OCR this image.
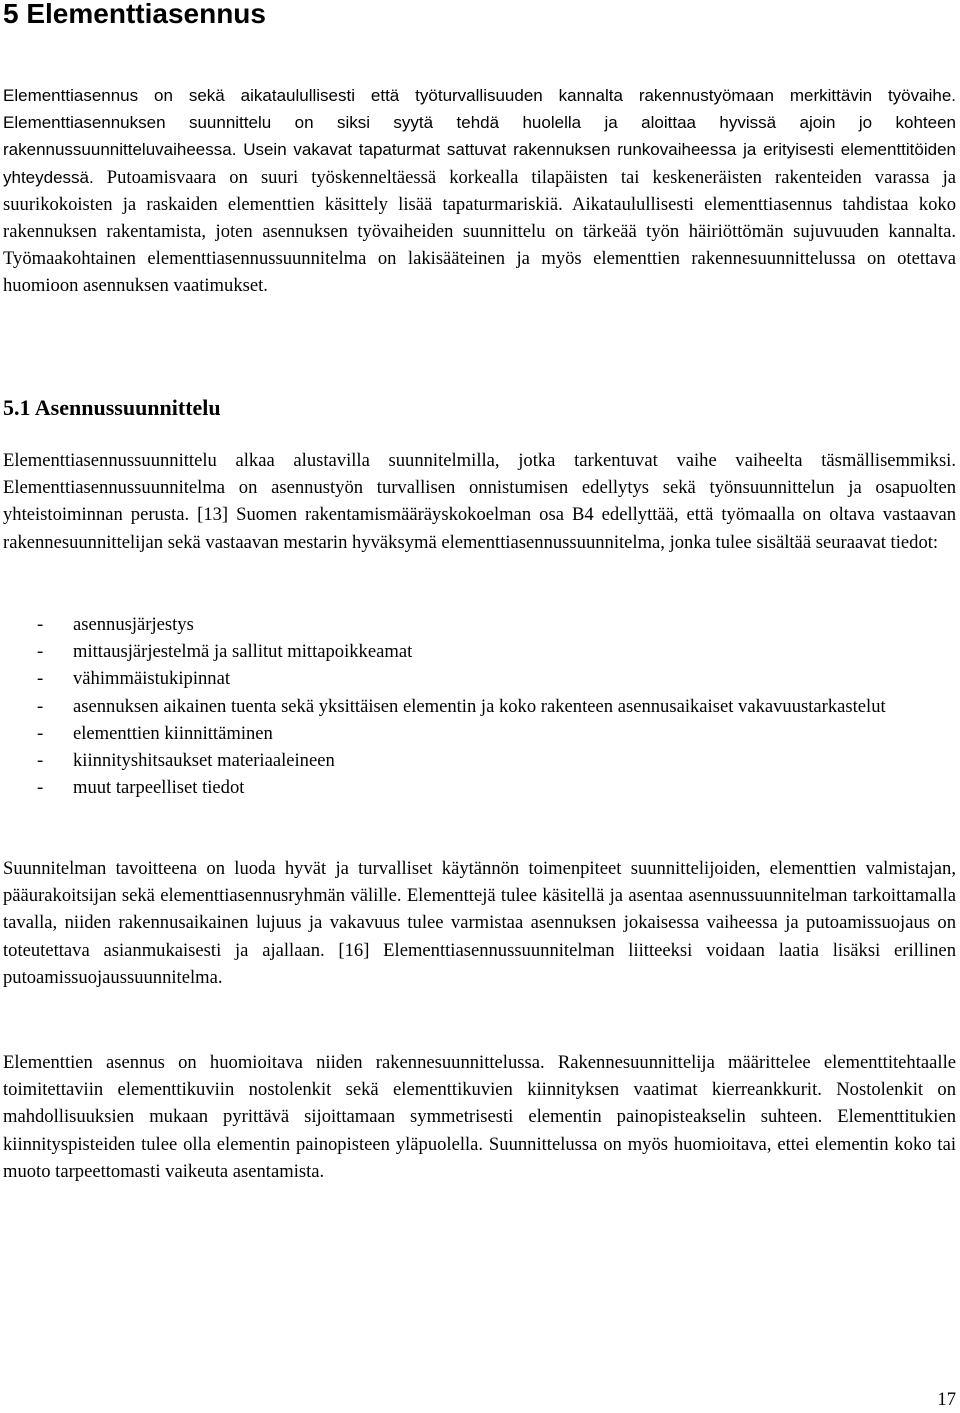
5 Elementtiasennus

Elementtiasennus on sekä aikataulullisesti että työturvallisuuden kannalta rakennustyömaan merkittävin työvaihe. Elementtiasennuksen suunnittelu on siksi syytä tehdä huolella ja aloittaa hyvissä ajoin jo kohteen rakennussuunnitteluvaiheessa. Usein vakavat tapaturmat sattuvat rakennuksen runkovaiheessa ja erityisesti elementtitöiden yhteydessä. Putoamisvaara on suuri työskenneltäessä korkealla tilapäisten tai keskeneräisten rakenteiden varassa ja suurikokoisten ja raskaiden elementtien käsittely lisää tapaturmariskiä. Aikataulullisesti elementtiasennus tahdistaa koko rakennuksen rakentamista, joten asennuksen työvaiheiden suunnittelu on tärkeää työn häiriöttömän sujuvuuden kannalta. Työmaakohtainen elementtiasennussuunnitelma on lakisääteinen ja myös elementtien rakennesuunnittelussa on otettava huomioon asennuksen vaatimukset.

5.1 Asennussuunnittelu

Elementtiasennussuunnittelu alkaa alustavilla suunnitelmilla, jotka tarkentuvat vaihe vaiheelta täsmällisemmiksi. Elementtiasennussuunnitelma on asennustyön turvallisen onnistumisen edellytys sekä työnsuunnittelun ja osapuolten yhteistoiminnan perusta. [13] Suomen rakentamismääräyskokoelman osa B4 edellyttää, että työmaalla on oltava vastaavan rakennesuunnittelijan sekä vastaavan mestarin hyväksymä elementtiasennussuunnitelma, jonka tulee sisältää seuraavat tiedot:

- asennusjärjestys
- mittausjärjestelmä ja sallitut mittapoikkeamat
- vähimmäistukipinnat
- asennuksen aikainen tuenta sekä yksittäisen elementin ja koko rakenteen asennusaikaiset vakavuustarkastelut
- elementtien kiinnittäminen
- kiinnityshitsaukset materiaaleineen
- muut tarpeelliset tiedot

Suunnitelman tavoitteena on luoda hyvät ja turvalliset käytännön toimenpiteet suunnittelijoiden, elementtien valmistajan, pääurakoitsijan sekä elementtiasennusryhmän välille. Elementtejä tulee käsitellä ja asentaa asennussuunnitelman tarkoittamalla tavalla, niiden rakennusaikainen lujuus ja vakavuus tulee varmistaa asennuksen jokaisessa vaiheessa ja putoamissuojaus on toteutettava asianmukaisesti ja ajallaan. [16] Elementtiasennussuunnitelman liitteeksi voidaan laatia lisäksi erillinen putoamissuojaussuunnitelma.

Elementtien asennus on huomioitava niiden rakennesuunnittelussa. Rakennesuunnittelija määrittelee elementtitehtaalle toimitettaviin elementtikuviin nostolenkit sekä elementtikuvien kiinnityksen vaatimat kierreankkurit. Nostolenkit on mahdollisuuksien mukaan pyrittävä sijoittamaan symmetrisesti elementin painopisteakselin suhteen. Elementtitukien kiinnityspisteiden tulee olla elementin painopisteen yläpuolella. Suunnittelussa on myös huomioitava, ettei elementin koko tai muoto tarpeettomasti vaikeuta asentamista.

17
